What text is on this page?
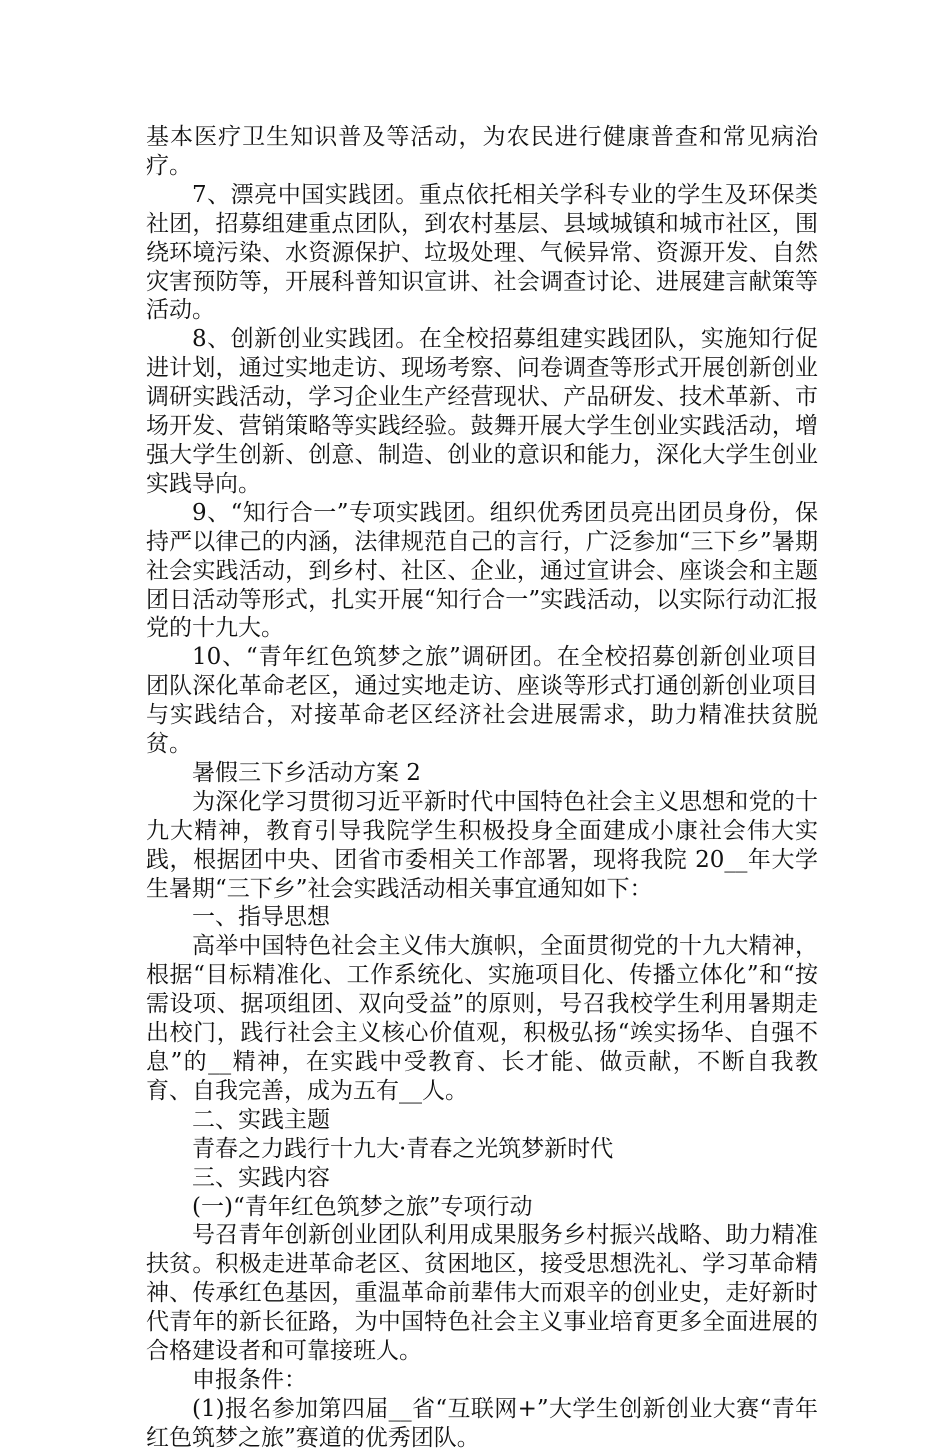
基本医疗卫生知识普及等活动，为农民进行健康普查和常见病治疗。

7、漂亮中国实践团。重点依托相关学科专业的学生及环保类社团，招募组建重点团队，到农村基层、县域城镇和城市社区，围绕环境污染、水资源保护、垃圾处理、气候异常、资源开发、自然灾害预防等，开展科普知识宣讲、社会调查讨论、进展建言献策等活动。

8、创新创业实践团。在全校招募组建实践团队，实施知行促进计划，通过实地走访、现场考察、问卷调查等形式开展创新创业调研实践活动，学习企业生产经营现状、产品研发、技术革新、市场开发、营销策略等实践经验。鼓舞开展大学生创业实践活动，增强大学生创新、创意、制造、创业的意识和能力，深化大学生创业实践导向。

9、“知行合一”专项实践团。组织优秀团员亮出团员身份，保持严以律己的内涵，法律规范自己的言行，广泛参加“三下乡”暑期社会实践活动，到乡村、社区、企业，通过宣讲会、座谈会和主题团日活动等形式，扎实开展“知行合一”实践活动，以实际行动汇报党的十九大。

10、“青年红色筑梦之旅”调研团。在全校招募创新创业项目团队深化革命老区，通过实地走访、座谈等形式打通创新创业项目与实践结合，对接革命老区经济社会进展需求，助力精准扶贫脱贫。

暑假三下乡活动方案 2

为深化学习贯彻习近平新时代中国特色社会主义思想和党的十九大精神，教育引导我院学生积极投身全面建成小康社会伟大实践，根据团中央、团省市委相关工作部署，现将我院 20__年大学生暑期“三下乡”社会实践活动相关事宜通知如下：

一、指导思想

高举中国特色社会主义伟大旗帜，全面贯彻党的十九大精神，根据“目标精准化、工作系统化、实施项目化、传播立体化”和“按需设项、据项组团、双向受益”的原则，号召我校学生利用暑期走出校门，践行社会主义核心价值观，积极弘扬“竢实扬华、自强不息”的__精神，在实践中受教育、长才能、做贡献，不断自我教育、自我完善，成为五有__人。

二、实践主题

青春之力践行十九大·青春之光筑梦新时代

三、实践内容

(一)“青年红色筑梦之旅”专项行动

号召青年创新创业团队利用成果服务乡村振兴战略、助力精准扶贫。积极走进革命老区、贫困地区，接受思想洗礼、学习革命精神、传承红色基因，重温革命前辈伟大而艰辛的创业史，走好新时代青年的新长征路，为中国特色社会主义事业培育更多全面进展的合格建设者和可靠接班人。

申报条件：

(1)报名参加第四届__省“互联网+”大学生创新创业大赛“青年红色筑梦之旅”赛道的优秀团队。
